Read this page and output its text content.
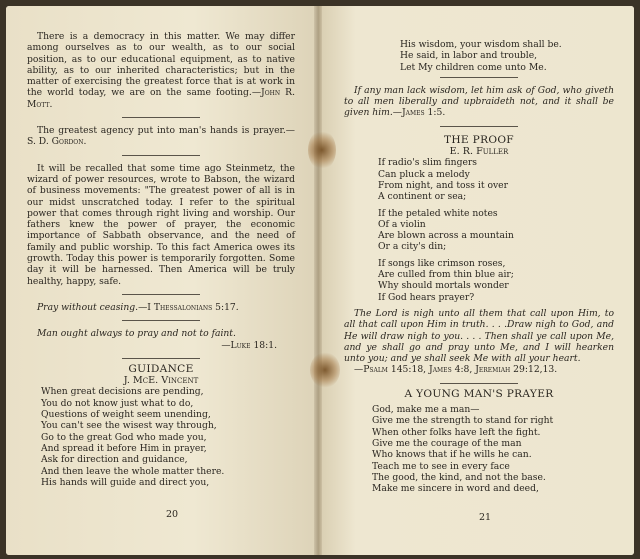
There is a democracy in this matter. We may differ among ourselves as to our wealth, as to our social position, as to our educational equipment, as to native ability, as to our inherited characteristics; but in the matter of exercising the greatest force that is at work in the world today, we are on the same footing.—John R. Mott.

The greatest agency put into man's hands is prayer.—S. D. Gordon.

It will be recalled that some time ago Steinmetz, the wizard of power resources, wrote to Babson, the wizard of business movements: "The greatest power of all is in our midst unscratched today. I refer to the spiritual power that comes through right living and worship. Our fathers knew the power of prayer, the economic importance of Sabbath observance, and the need of family and public worship. To this fact America owes its growth. Today this power is temporarily forgotten. Some day it will be harnessed. Then America will be truly healthy, happy, safe.

Pray without ceasing.—I Thessalonians 5:17.

Man ought always to pray and not to faint.

—Luke 18:1.

GUIDANCE

J. McE. Vincent

When great decisions are pending,
You do not know just what to do,
Questions of weight seem unending,
You can't see the wisest way through,
Go to the great God who made you,
And spread it before Him in prayer,
Ask for direction and guidance,
And then leave the whole matter there.
His hands will guide and direct you,
20
His wisdom, your wisdom shall be.
He said, in labor and trouble,
Let My children come unto Me.

If any man lack wisdom, let him ask of God, who giveth to all men liberally and upbraideth not, and it shall be given him.—James 1:5.

THE PROOF

E. R. Fuller

If radio's slim fingers
Can pluck a melody
From night, and toss it over
A continent or sea;
If the petaled white notes
Of a violin
Are blown across a mountain
Or a city's din;
If songs like crimson roses,
Are culled from thin blue air;
Why should mortals wonder
If God hears prayer?

The Lord is nigh unto all them that call upon Him, to all that call upon Him in truth. . . .Draw nigh to God, and He will draw nigh to you. . . . Then shall ye call upon Me, and ye shall go and pray unto Me, and I will hearken unto you; and ye shall seek Me with all your heart.

—Psalm 145:18, James 4:8, Jeremiah 29:12,13.

A YOUNG MAN'S PRAYER

God, make me a man—
Give me the strength to stand for right
When other folks have left the fight.
Give me the courage of the man
Who knows that if he wills he can.
Teach me to see in every face
The good, the kind, and not the base.
Make me sincere in word and deed,
21
